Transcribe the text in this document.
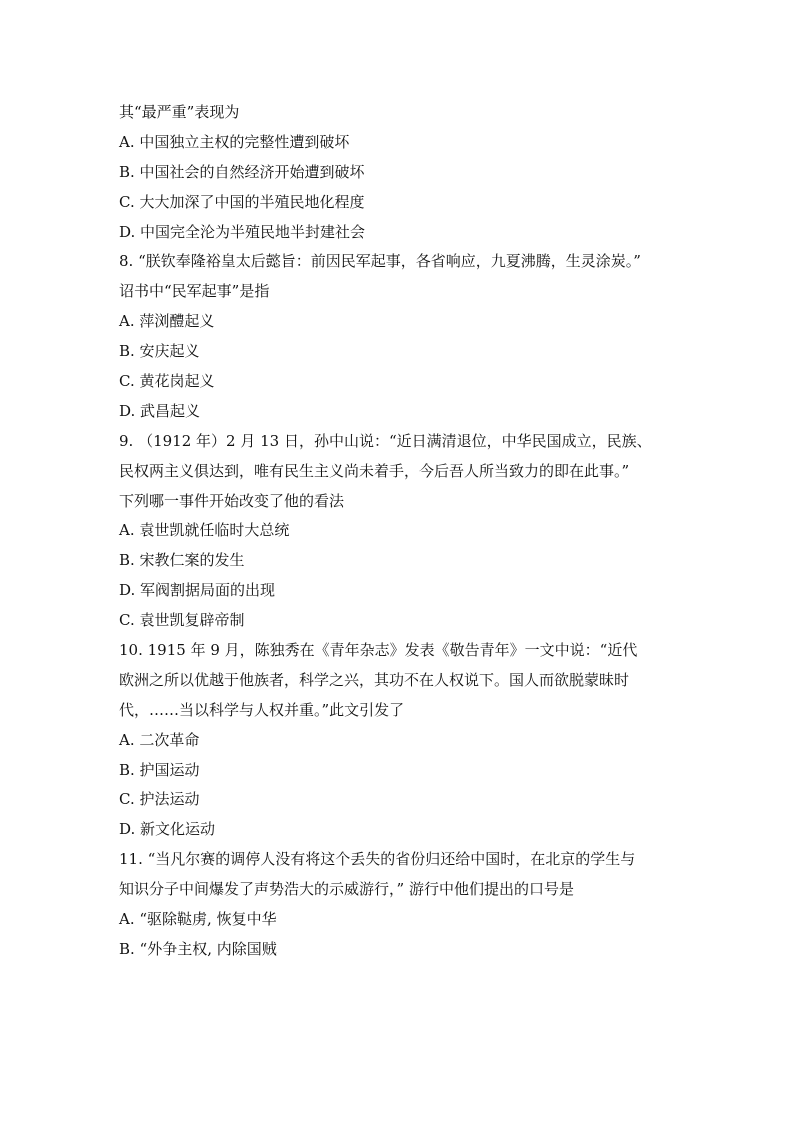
其“最严重”表现为

A. 中国独立主权的完整性遭到破坏

B. 中国社会的自然经济开始遭到破坏

C. 大大加深了中国的半殖民地化程度

D. 中国完全沦为半殖民地半封建社会

8. “朕钦奉隆裕皇太后懿旨：前因民军起事，各省响应，九夏沸腾，生灵涂炭。”

诏书中“民军起事”是指

A. 萍浏醴起义

B. 安庆起义

C. 黄花岗起义

D. 武昌起义

9. （1912 年）2 月 13 日，孙中山说：“近日满清退位，中华民国成立，民族、

民权两主义俱达到，唯有民生主义尚未着手，今后吾人所当致力的即在此事。”

下列哪一事件开始改变了他的看法

A. 袁世凯就任临时大总统

B. 宋教仁案的发生

D. 军阀割据局面的出现

C. 袁世凯复辟帝制

10. 1915 年 9 月，陈独秀在《青年杂志》发表《敬告青年》一文中说：“近代

欧洲之所以优越于他族者，科学之兴，其功不在人权说下。国人而欲脱蒙昧时

代，……当以科学与人权并重。”此文引发了

A. 二次革命

B. 护国运动

C. 护法运动

D. 新文化运动

11. “当凡尔赛的调停人没有将这个丢失的省份归还给中国时，在北京的学生与

知识分子中间爆发了声势浩大的示威游行，” 游行中他们提出的口号是

A. “驱除鞑虏, 恢复中华

B. “外争主权, 内除国贼
